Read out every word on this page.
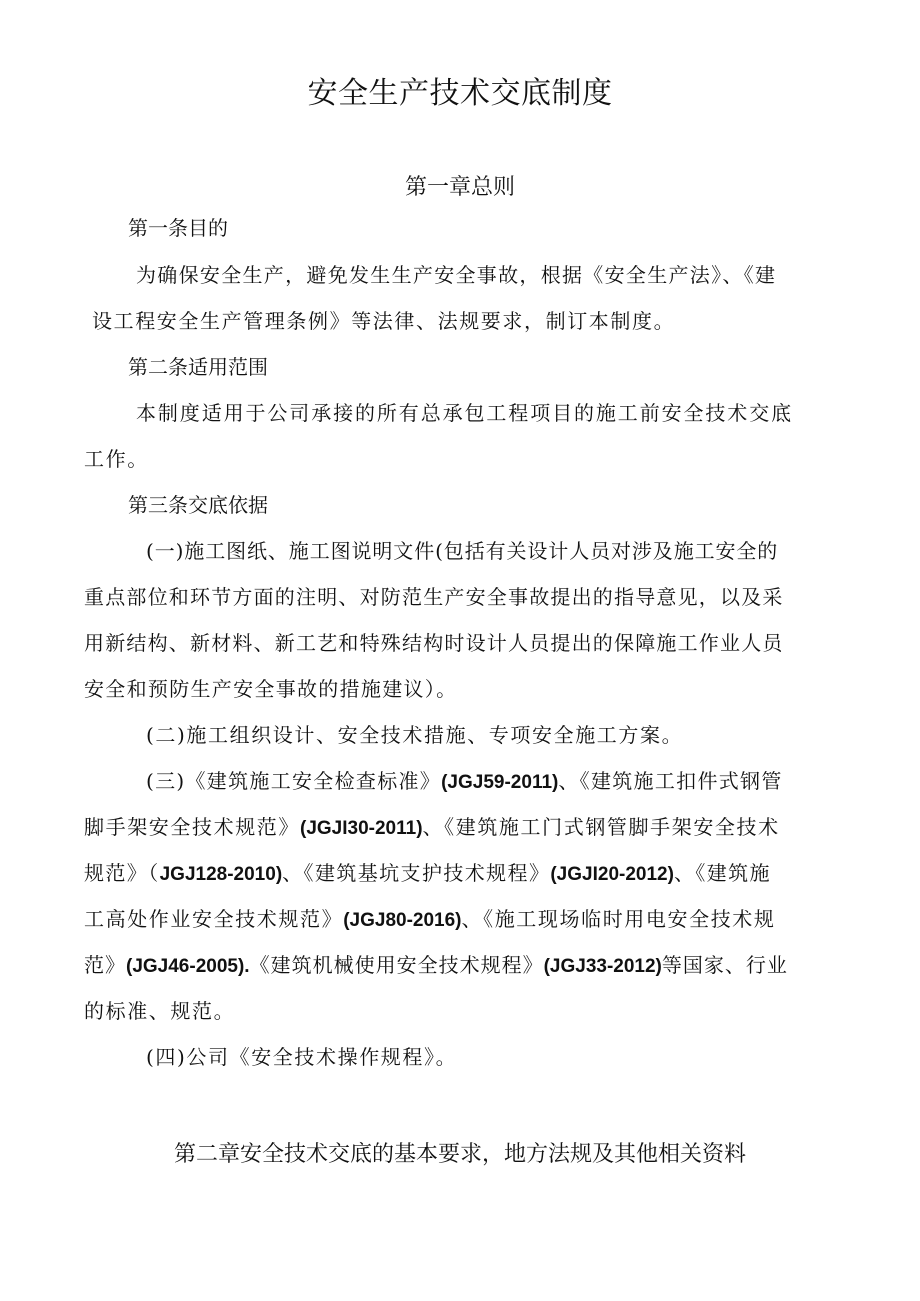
安全生产技术交底制度
第一章总则
第一条目的
为确保安全生产，避免发生生产安全事故，根据《安全生产法》、《建
设工程安全生产管理条例》等法律、法规要求，制订本制度。
第二条适用范围
本制度适用于公司承接的所有总承包工程项目的施工前安全技术交底
工作。
第三条交底依据
(一)施工图纸、施工图说明文件(包括有关设计人员对涉及施工安全的
重点部位和环节方面的注明、对防范生产安全事故提出的指导意见，以及采
用新结构、新材料、新工艺和特殊结构时设计人员提出的保障施工作业人员
安全和预防生产安全事故的措施建议）。
(二)施工组织设计、安全技术措施、专项安全施工方案。
(三)《建筑施工安全检查标准》(JGJ59-2011)、《建筑施工扣件式钢管
脚手架安全技术规范》(JGJI30-2011)、《建筑施工门式钢管脚手架安全技术
规范》（JGJ128-2010)、《建筑基坑支护技术规程》(JGJI20-2012)、《建筑施
工高处作业安全技术规范》(JGJ80-2016)、《施工现场临时用电安全技术规
范》(JGJ46-2005).《建筑机械使用安全技术规程》(JGJ33-2012)等国家、行业
的标准、规范。
(四)公司《安全技术操作规程》。
第二章安全技术交底的基本要求，地方法规及其他相关资料
